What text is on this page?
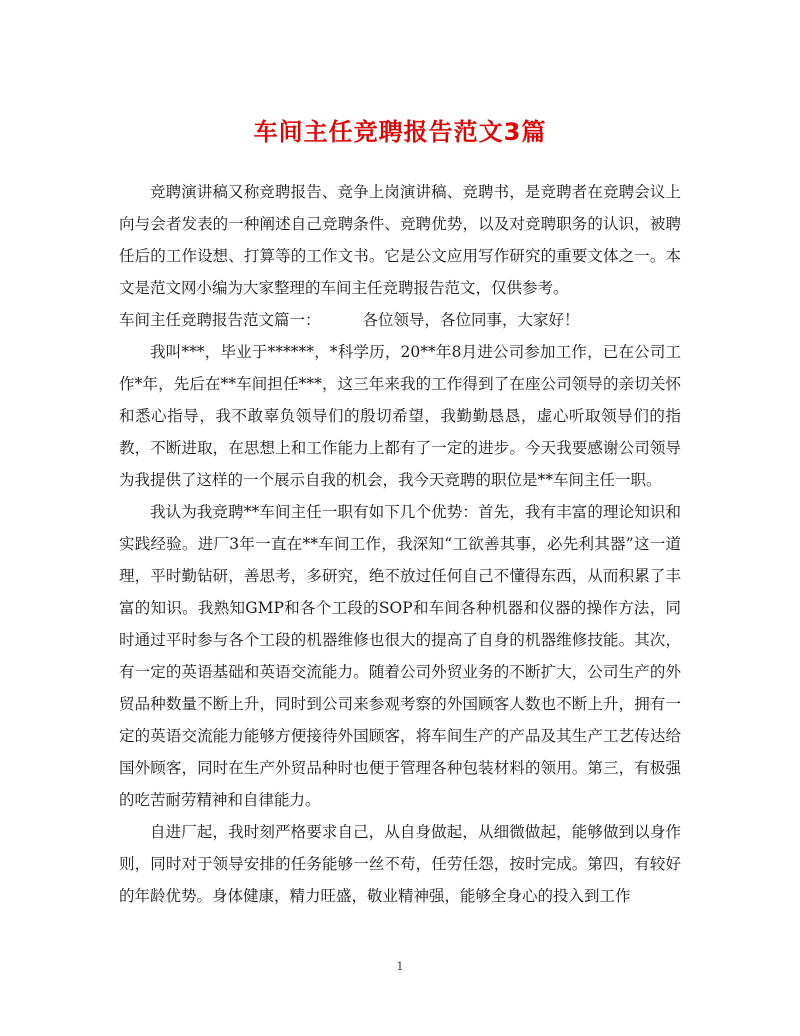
车间主任竞聘报告范文3篇

竞聘演讲稿又称竞聘报告、竞争上岗演讲稿、竞聘书，是竞聘者在竞聘会议上向与会者发表的一种阐述自己竞聘条件、竞聘优势，以及对竞聘职务的认识，被聘任后的工作设想、打算等的工作文书。它是公文应用写作研究的重要文体之一。本文是范文网小编为大家整理的车间主任竞聘报告范文，仅供参考。

车间主任竞聘报告范文篇一：	各位领导，各位同事，大家好！

我叫***，毕业于******，*科学历，20**年8月进公司参加工作，已在公司工作*年，先后在**车间担任***，这三年来我的工作得到了在座公司领导的亲切关怀和悉心指导，我不敢辜负领导们的殷切希望，我勤勤恳恳，虚心听取领导们的指教，不断进取，在思想上和工作能力上都有了一定的进步。今天我要感谢公司领导为我提供了这样的一个展示自我的机会，我今天竞聘的职位是**车间主任一职。

我认为我竞聘**车间主任一职有如下几个优势：首先，我有丰富的理论知识和实践经验。进厂3年一直在**车间工作，我深知“工欲善其事，必先利其器”这一道理，平时勤钻研，善思考，多研究，绝不放过任何自己不懂得东西，从而积累了丰富的知识。我熟知GMP和各个工段的SOP和车间各种机器和仪器的操作方法，同时通过平时参与各个工段的机器维修也很大的提高了自身的机器维修技能。其次，有一定的英语基础和英语交流能力。随着公司外贸业务的不断扩大，公司生产的外贸品种数量不断上升，同时到公司来参观考察的外国顾客人数也不断上升，拥有一定的英语交流能力能够方便接待外国顾客，将车间生产的产品及其生产工艺传达给国外顾客，同时在生产外贸品种时也便于管理各种包装材料的领用。第三，有极强的吃苦耐劳精神和自律能力。

自进厂起，我时刻严格要求自己，从自身做起，从细微做起，能够做到以身作则，同时对于领导安排的任务能够一丝不苟，任劳任怨，按时完成。第四，有较好的年龄优势。身体健康，精力旺盛，敬业精神强，能够全身心的投入到工作

1
